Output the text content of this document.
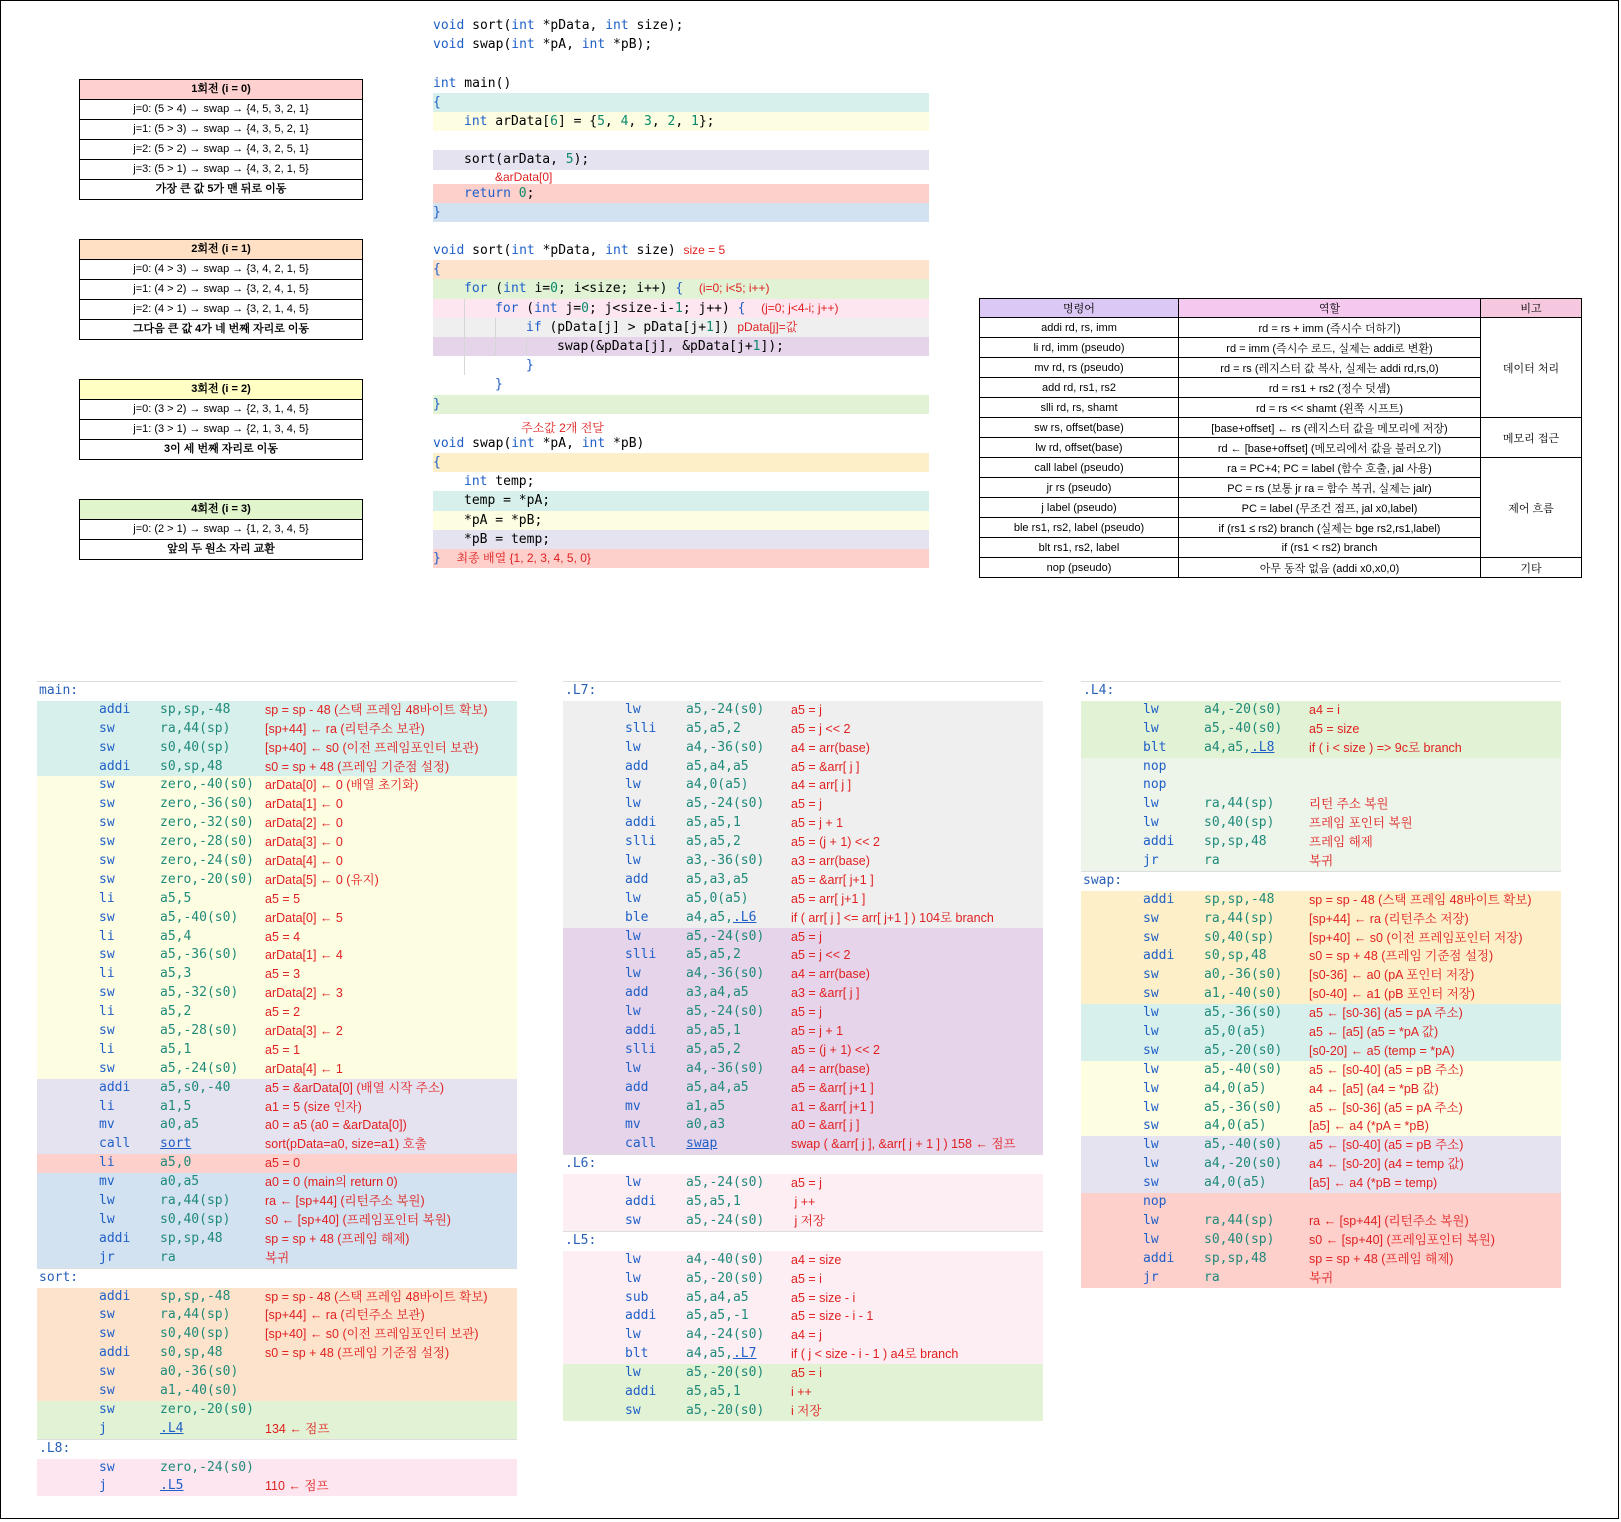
1회전 (i = 0)
j=0: (5 > 4) → swap → {4, 5, 3, 2, 1}
j=1: (5 > 3) → swap → {4, 3, 5, 2, 1}
j=2: (5 > 2) → swap → {4, 3, 2, 5, 1}
j=3: (5 > 1) → swap → {4, 3, 2, 1, 5}
가장 큰 값 5가 맨 뒤로 이동
2회전 (i = 1)
j=0: (4 > 3) → swap → {3, 4, 2, 1, 5}
j=1: (4 > 2) → swap → {3, 2, 4, 1, 5}
j=2: (4 > 1) → swap → {3, 2, 1, 4, 5}
그다음 큰 값 4가 네 번째 자리로 이동
3회전 (i = 2)
j=0: (3 > 2) → swap → {2, 3, 1, 4, 5}
j=1: (3 > 1) → swap → {2, 1, 3, 4, 5}
3이 세 번째 자리로 이동
4회전 (i = 3)
j=0: (2 > 1) → swap → {1, 2, 3, 4, 5}
앞의 두 원소 자리 교환
void sort(int *pData, int size);
void swap(int *pA, int *pB);

int main()
{
int arData[6] = {5, 4, 3, 2, 1};

sort(arData, 5);
&arData[0]
return 0;
}

void sort(int *pData, int size) size = 5
{
for (int i=0; i<size; i++) { (i=0; i<5; i++)
for (int j=0; j<size-i-1; j++) { (j=0; j<4-i; j++)
if (pData[j] > pData[j+1]) pData[j]=값
swap(&pData[j], &pData[j+1]);
}
}
}
주소값 2개 전달
void swap(int *pA, int *pB)
{
int temp;
temp = *pA;
*pA = *pB;
*pB = temp;
} 최종 배열 {1, 2, 3, 4, 5, 0}
명령어	역할	비고
addi rd, rs, imm	rd = rs + imm (즉시수 더하기)	데이터 처리
li rd, imm (pseudo)	rd = imm (즉시수 로드, 실제는 addi로 변환)	
mv rd, rs (pseudo)	rd = rs (레지스터 값 복사, 실제는 addi rd,rs,0)	
add rd, rs1, rs2	rd = rs1 + rs2 (정수 덧셈)	
slli rd, rs, shamt	rd = rs << shamt (왼쪽 시프트)	
sw rs, offset(base)	[base+offset] ← rs (레지스터 값을 메모리에 저장)	메모리 접근
lw rd, offset(base)	rd ← [base+offset] (메모리에서 값을 불러오기)	
call label (pseudo)	ra = PC+4; PC = label (함수 호출, jal 사용)	제어 흐름
jr rs (pseudo)	PC = rs (보통 jr ra = 함수 복귀, 실제는 jalr)	
j label (pseudo)	PC = label (무조건 점프, jal x0,label)	
ble rs1, rs2, label (pseudo)	if (rs1 ≤ rs2) branch (실제는 bge rs2,rs1,label)	
blt rs1, rs2, label	if (rs1 < rs2) branch	
nop (pseudo)	아무 동작 없음 (addi x0,x0,0)	기타
main:
addi sp,sp,-48	sp = sp - 48 (스택 프레임 48바이트 확보)
sw	ra,44(sp)	[sp+44] ← ra (리턴주소 보관)
sw	s0,40(sp)	[sp+40] ← s0 (이전 프레임포인터 보관)
addi s0,sp,48	s0 = sp + 48 (프레임 기준점 설정)
sw	zero,-40(s0) arData[0] ← 0 (배열 초기화)
sw	zero,-36(s0) arData[1] ← 0
sw	zero,-32(s0) arData[2] ← 0
sw	zero,-28(s0) arData[3] ← 0
sw	zero,-24(s0) arData[4] ← 0
sw	zero,-20(s0) arData[5] ← 0 (유지)
li	a5,5	a5 = 5
sw	a5,-40(s0) arData[0] ← 5
li	a5,4	a5 = 4
sw	a5,-36(s0) arData[1] ← 4
li	a5,3	a5 = 3
sw	a5,-32(s0) arData[2] ← 3
li	a5,2	a5 = 2
sw	a5,-28(s0) arData[3] ← 2
li	a5,1	a5 = 1
sw	a5,-24(s0) arData[4] ← 1
addi a5,s0,-40	a5 = &arData[0] (배열 시작 주소)
li	a1,5	a1 = 5 (size 인자)
mv	a0,a5	a0 = a5 (a0 = &arData[0])
call sort	sort(pData=a0, size=a1) 호출
li	a5,0	a5 = 0
mv	a0,a5	a0 = 0 (main의 return 0)
lw	ra,44(sp)	ra ← [sp+44] (리턴주소 복원)
lw	s0,40(sp)	s0 ← [sp+40] (프레임포인터 복원)
addi sp,sp,48	sp = sp + 48 (프레임 해제)
jr	ra	복귀
sort:
addi sp,sp,-48	sp = sp - 48 (스택 프레임 48바이트 확보)
sw	ra,44(sp)	[sp+44] ← ra (리턴주소 보관)
sw	s0,40(sp)	[sp+40] ← s0 (이전 프레임포인터 보관)
addi s0,sp,48	s0 = sp + 48 (프레임 기준점 설정)
sw	a0,-36(s0)
sw	a1,-40(s0)
sw	zero,-20(s0)
j	.L4	134 ← 점프
.L8:
sw	zero,-24(s0)
j	.L5	110 ← 점프
.L7:
lw	a5,-24(s0) a5 = j
slli a5,a5,2	a5 = j << 2
lw	a4,-36(s0) a4 = arr(base)
add	a5,a4,a5	a5 = &arr[ j ]
lw	a4,0(a5)	a4 = arr[ j ]
lw	a5,-24(s0) a5 = j
addi a5,a5,1	a5 = j + 1
slli a5,a5,2	a5 = (j + 1) << 2
lw	a3,-36(s0) a3 = arr(base)
add	a5,a3,a5	a5 = &arr[ j+1 ]
lw	a5,0(a5)	a5 = arr[ j+1 ]
ble	a4,a5,.L6	if ( arr[ j ] <= arr[ j+1 ] ) 104로 branch
lw	a5,-24(s0) a5 = j
slli a5,a5,2	a5 = j << 2
lw	a4,-36(s0) a4 = arr(base)
add	a3,a4,a5	a3 = &arr[ j ]
lw	a5,-24(s0) a5 = j
addi a5,a5,1	a5 = j + 1
slli a5,a5,2	a5 = (j + 1) << 2
lw	a4,-36(s0) a4 = arr(base)
add	a5,a4,a5	a5 = &arr[ j+1 ]
mv	a1,a5	a1 = &arr[ j+1 ]
mv	a0,a3	a0 = &arr[ j ]
call swap	swap ( &arr[ j ], &arr[ j + 1 ] ) 158 ← 점프
.L6:
lw	a5,-24(s0) a5 = j
addi a5,a5,1	j ++
sw	a5,-24(s0) j 저장
.L5:
lw	a4,-40(s0) a4 = size
lw	a5,-20(s0) a5 = i
sub	a5,a4,a5	a5 = size - i
addi a5,a5,-1	a5 = size - i - 1
lw	a4,-24(s0) a4 = j
blt	a4,a5,.L7	if ( j < size - i - 1 ) a4로 branch
lw	a5,-20(s0) a5 = i
addi a5,a5,1	i ++
sw	a5,-20(s0) i 저장
.L4:
lw	a4,-20(s0) a4 = i
lw	a5,-40(s0) a5 = size
blt	a4,a5,.L8	if ( i < size ) => 9c로 branch
nop
nop
lw	ra,44(sp)	리턴 주소 복원
lw	s0,40(sp)	프레임 포인터 복원
addi sp,sp,48	프레임 해제
jr	ra	복귀
swap:
addi sp,sp,-48	sp = sp - 48 (스택 프레임 48바이트 확보)
sw	ra,44(sp)	[sp+44] ← ra (리턴주소 저장)
sw	s0,40(sp)	[sp+40] ← s0 (이전 프레임포인터 저장)
addi s0,sp,48	s0 = sp + 48 (프레임 기준점 설정)
sw	a0,-36(s0) [s0-36] ← a0 (pA 포인터 저장)
sw	a1,-40(s0) [s0-40] ← a1 (pB 포인터 저장)
lw	a5,-36(s0) a5 ← [s0-36] (a5 = pA 주소)
lw	a5,0(a5)	a5 ← [a5] (a5 = *pA 값)
sw	a5,-20(s0) [s0-20] ← a5 (temp = *pA)
lw	a5,-40(s0) a5 ← [s0-40] (a5 = pB 주소)
lw	a4,0(a5)	a4 ← [a5] (a4 = *pB 값)
lw	a5,-36(s0) a5 ← [s0-36] (a5 = pA 주소)
sw	a4,0(a5)	[a5] ← a4 (*pA = *pB)
lw	a5,-40(s0) a5 ← [s0-40] (a5 = pB 주소)
lw	a4,-20(s0) a4 ← [s0-20] (a4 = temp 값)
sw	a4,0(a5)	[a5] ← a4 (*pB = temp)
nop
lw	ra,44(sp)	ra ← [sp+44] (리턴주소 복원)
lw	s0,40(sp)	s0 ← [sp+40] (프레임포인터 복원)
addi sp,sp,48	sp = sp + 48 (프레임 해제)
jr	ra	복귀
